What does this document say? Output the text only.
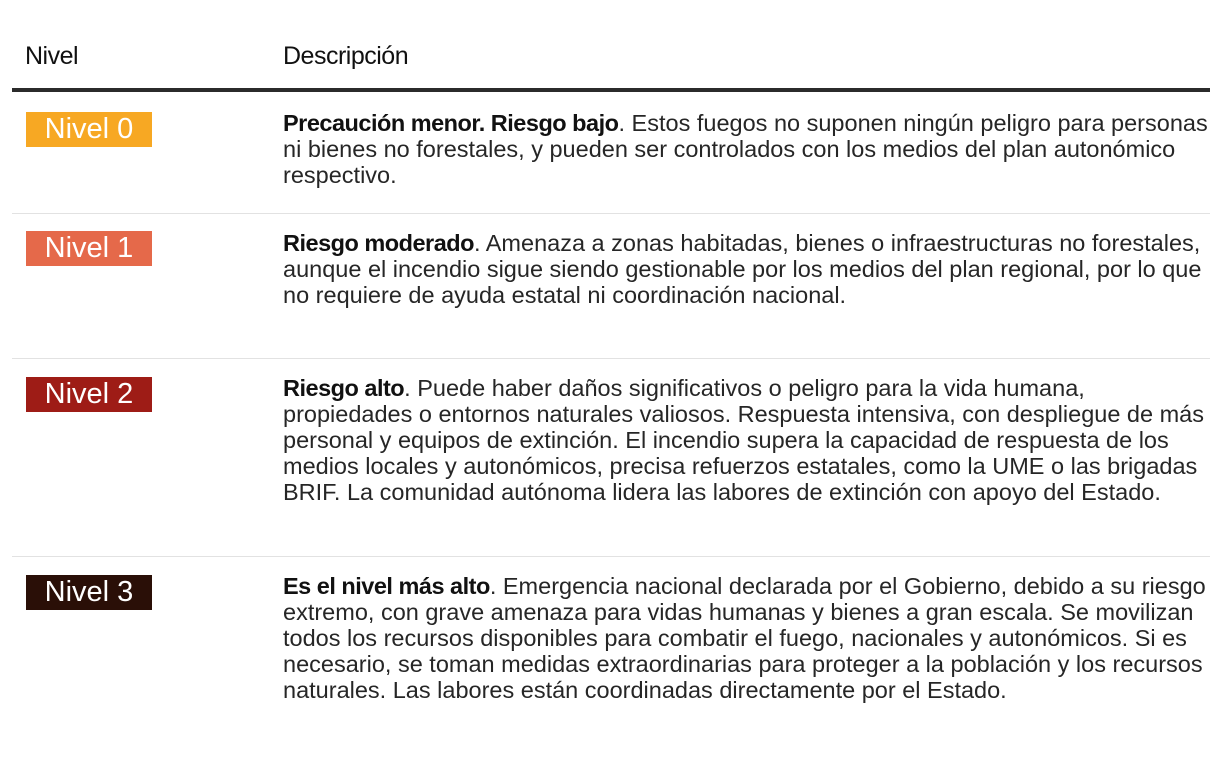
Nivel	Descripción
Nivel 0	Precaución menor. Riesgo bajo. Estos fuegos no suponen ningún peligro para personas ni bienes no forestales, y pueden ser controlados con los medios del plan autonómico respectivo.
Nivel 1	Riesgo moderado. Amenaza a zonas habitadas, bienes o infraestructuras no forestales, aunque el incendio sigue siendo gestionable por los medios del plan regional, por lo que no requiere de ayuda estatal ni coordinación nacional.
Nivel 2	Riesgo alto. Puede haber daños significativos o peligro para la vida humana, propiedades o entornos naturales valiosos. Respuesta intensiva, con despliegue de más personal y equipos de extinción. El incendio supera la capacidad de respuesta de los medios locales y autonómicos, precisa refuerzos estatales, como la UME o las brigadas BRIF. La comunidad autónoma lidera las labores de extinción con apoyo del Estado.
Nivel 3	Es el nivel más alto. Emergencia nacional declarada por el Gobierno, debido a su riesgo extremo, con grave amenaza para vidas humanas y bienes a gran escala. Se movilizan todos los recursos disponibles para combatir el fuego, nacionales y autonómicos. Si es necesario, se toman medidas extraordinarias para proteger a la población y los recursos naturales. Las labores están coordinadas directamente por el Estado.
